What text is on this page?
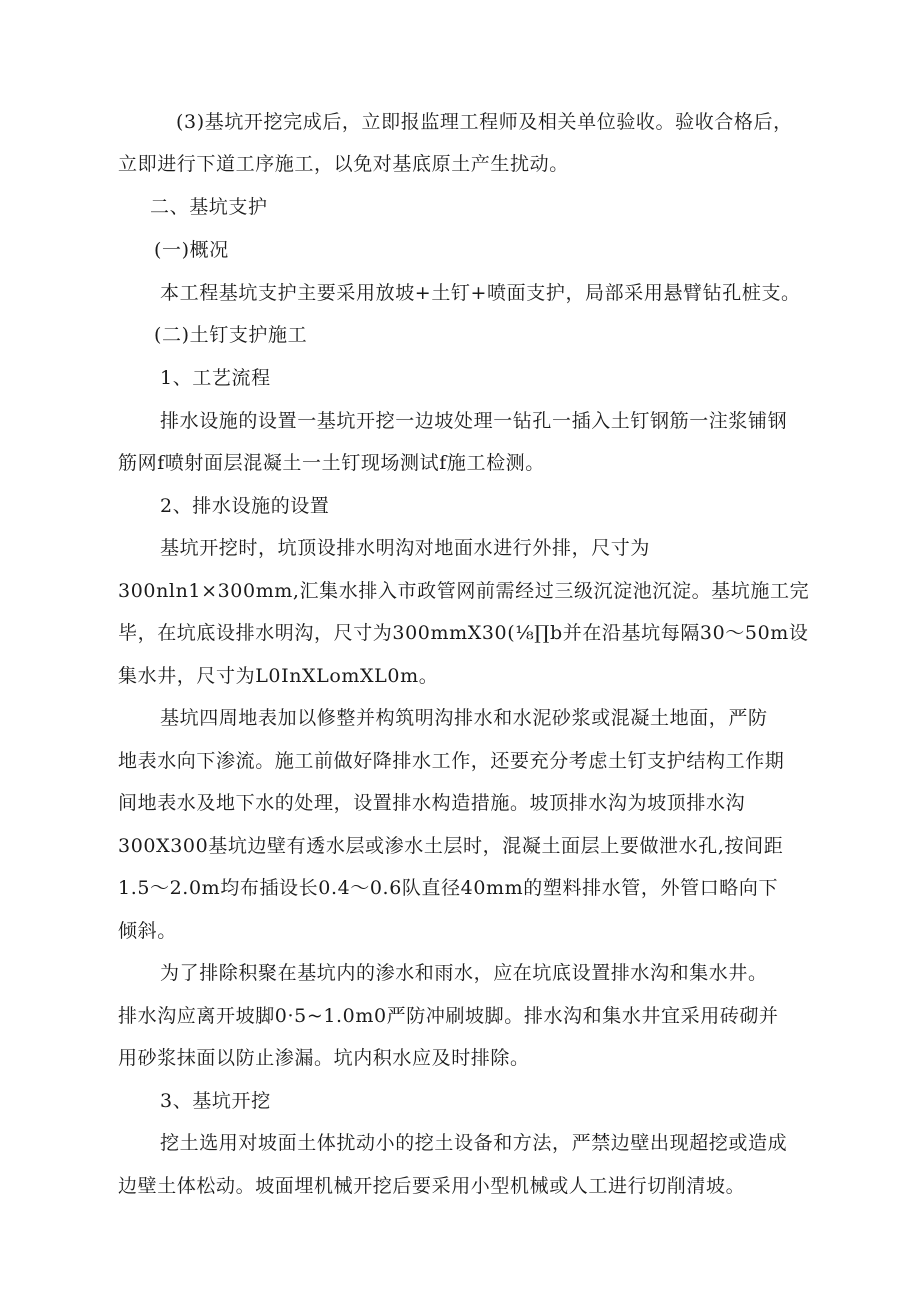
(3)基坑开挖完成后，立即报监理工程师及相关单位验收。验收合格后，
立即进行下道工序施工，以免对基底原土产生扰动。
二、基坑支护
(一)概况
本工程基坑支护主要采用放坡+土钉+喷面支护，局部采用悬臂钻孔桩支。
(二)土钉支护施工
1、工艺流程
排水设施的设置一基坑开挖一边坡处理一钻孔一插入土钉钢筋一注浆铺钢
筋网f喷射面层混凝土一土钉现场测试f施工检测。
2、排水设施的设置
基坑开挖时，坑顶设排水明沟对地面水进行外排，尺寸为
300nln1×300mm,汇集水排入市政管网前需经过三级沉淀池沉淀。基坑施工完
毕，在坑底设排水明沟，尺寸为300mmX30(⅛∏b并在沿基坑每隔30～50m设
集水井，尺寸为L0InXLomXL0m。
基坑四周地表加以修整并构筑明沟排水和水泥砂浆或混凝土地面，严防
地表水向下渗流。施工前做好降排水工作，还要充分考虑土钉支护结构工作期
间地表水及地下水的处理，设置排水构造措施。坡顶排水沟为坡顶排水沟
300X300基坑边壁有透水层或渗水土层时，混凝土面层上要做泄水孔,按间距
1.5～2.0m均布插设长0.4～0.6队直径40mm的塑料排水管，外管口略向下
倾斜。
为了排除积聚在基坑内的渗水和雨水，应在坑底设置排水沟和集水井。
排水沟应离开坡脚0·5~1.0m0严防冲刷坡脚。排水沟和集水井宜采用砖砌并
用砂浆抹面以防止渗漏。坑内积水应及时排除。
3、基坑开挖
挖土选用对坡面土体扰动小的挖土设备和方法，严禁边壁出现超挖或造成
边壁土体松动。坡面埋机械开挖后要采用小型机械或人工进行切削清坡。
